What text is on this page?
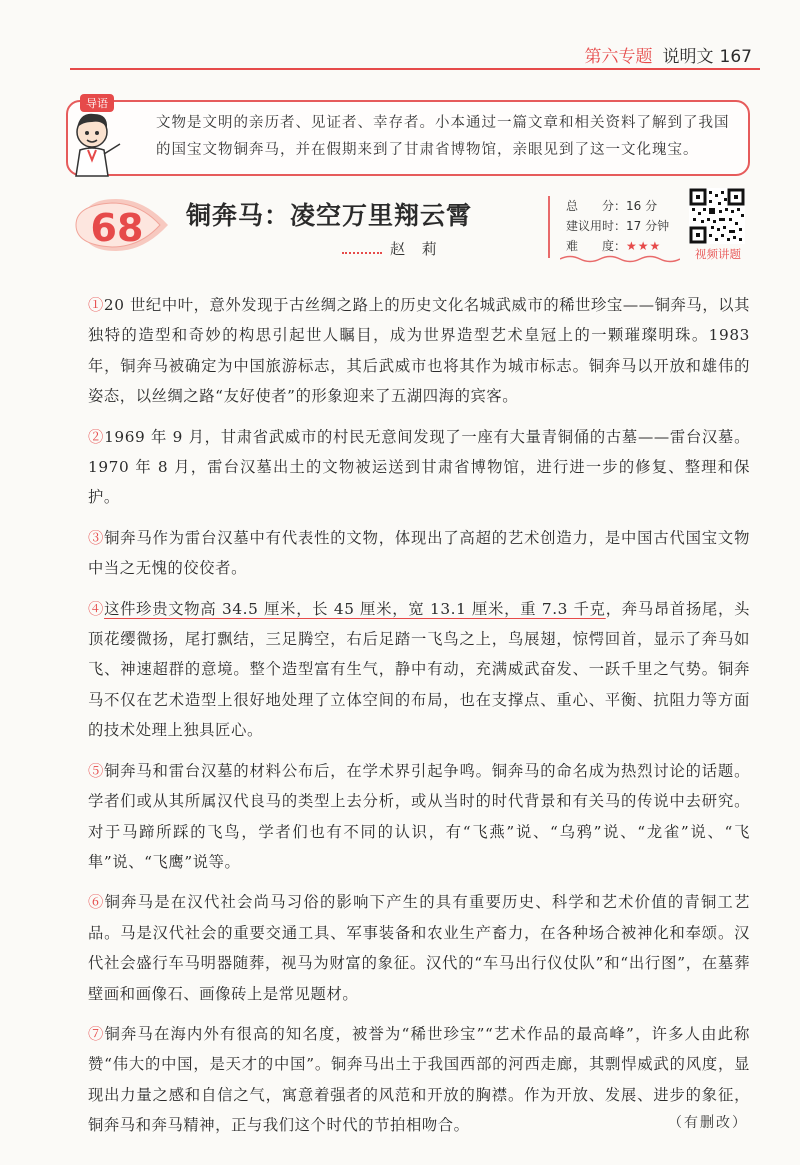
第六专题 说明文 167
导语
文物是文明的亲历者、见证者、幸存者。小本通过一篇文章和相关资料了解到了我国的国宝文物铜奔马，并在假期来到了甘肃省博物馆，亲眼见到了这一文化瑰宝。
68	铜奔马：凌空万里翔云霄
赵 莉
总　　分：16 分
建议用时：17 分钟
难　　度：★★★
视频讲题

①20 世纪中叶，意外发现于古丝绸之路上的历史文化名城武威市的稀世珍宝——铜奔马，以其独特的造型和奇妙的构思引起世人瞩目，成为世界造型艺术皇冠上的一颗璀璨明珠。1983 年，铜奔马被确定为中国旅游标志，其后武威市也将其作为城市标志。铜奔马以开放和雄伟的姿态，以丝绸之路“友好使者”的形象迎来了五湖四海的宾客。

②1969 年 9 月，甘肃省武威市的村民无意间发现了一座有大量青铜俑的古墓——雷台汉墓。1970 年 8 月，雷台汉墓出土的文物被运送到甘肃省博物馆，进行进一步的修复、整理和保护。

③铜奔马作为雷台汉墓中有代表性的文物，体现出了高超的艺术创造力，是中国古代国宝文物中当之无愧的佼佼者。

④这件珍贵文物高 34.5 厘米，长 45 厘米，宽 13.1 厘米，重 7.3 千克，奔马昂首扬尾，头顶花缨微扬，尾打飘结，三足腾空，右后足踏一飞鸟之上，鸟展翅，惊愕回首，显示了奔马如飞、神速超群的意境。整个造型富有生气，静中有动，充满威武奋发、一跃千里之气势。铜奔马不仅在艺术造型上很好地处理了立体空间的布局，也在支撑点、重心、平衡、抗阻力等方面的技术处理上独具匠心。

⑤铜奔马和雷台汉墓的材料公布后，在学术界引起争鸣。铜奔马的命名成为热烈讨论的话题。学者们或从其所属汉代良马的类型上去分析，或从当时的时代背景和有关马的传说中去研究。对于马蹄所踩的飞鸟，学者们也有不同的认识，有“飞燕”说、“乌鸦”说、“龙雀”说、“飞隼”说、“飞鹰”说等。

⑥铜奔马是在汉代社会尚马习俗的影响下产生的具有重要历史、科学和艺术价值的青铜工艺品。马是汉代社会的重要交通工具、军事装备和农业生产畜力，在各种场合被神化和奉颂。汉代社会盛行车马明器随葬，视马为财富的象征。汉代的“车马出行仪仗队”和“出行图”，在墓葬壁画和画像石、画像砖上是常见题材。

⑦铜奔马在海内外有很高的知名度，被誉为“稀世珍宝”“艺术作品的最高峰”，许多人由此称赞“伟大的中国，是天才的中国”。铜奔马出土于我国西部的河西走廊，其剽悍威武的风度，显现出力量之感和自信之气，寓意着强者的风范和开放的胸襟。作为开放、发展、进步的象征，铜奔马和奔马精神，正与我们这个时代的节拍相吻合。	（有删改）
